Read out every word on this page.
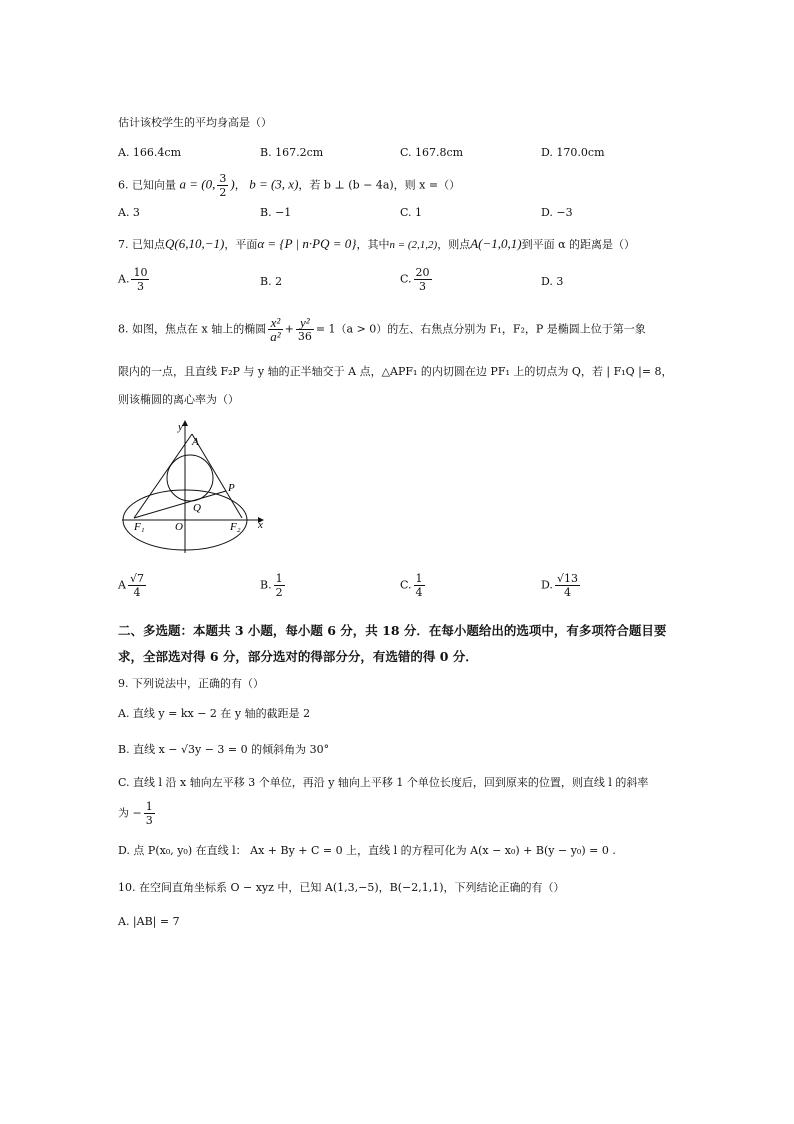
估计该校学生的平均身高是（）
A. 166.4cm	B. 167.2cm	C. 167.8cm	D. 170.0cm
6. 已知向量 a = (0, $\frac{3}{2}$ )， b = (3, x)，若 b ⊥ (b − 4a)，则 x =（）
A. 3	B. −1	C. 1	D. −3
7. 已知点Q(6,10,−1)，平面α = {P | n·PQ = 0}，其中n = (2,1,2)，则点A(−1,0,1)到平面 α 的距离是（）
A. $\frac{10}{3}$	B. 2	C. $\frac{20}{3}$	D. 3
8. 如图，焦点在 x 轴上的椭圆 $\frac{\text{x²}}{\text{a²}} + \frac{\text{y²}}{36} = 1(a > 0)$的左、右焦点分别为 F₁，F₂，P 是椭圆上位于第一象
限内的一点，且直线 F₂P 与 y 轴的正半轴交于 A 点，△APF₁ 的内切圆在边 PF₁ 上的切点为 Q，若 | F₁Q |= 8，
则该椭圆的离心率为（）
y
A
P
Q
F₁	O	F₂ x
A $\frac{√7}{4}$	B. $\frac{1}{2}$	C. $\frac{1}{4}$	D. $\frac{√13}{4}$
二、多选题：本题共 3 小题，每小题 6 分，共 18 分．在每小题给出的选项中，有多项符合题目要求，全部选对得 6 分，部分选对的得部分分，有选错的得 0 分．
9. 下列说法中，正确的有（）
A. 直线 y = kx − 2 在 y 轴的截距是 2
B. 直线 x − √3y − 3 = 0 的倾斜角为 30°
C. 直线 l 沿 x 轴向左平移 3 个单位，再沿 y 轴向上平移 1 个单位长度后，回到原来的位置，则直线 l 的斜率
为 − $\frac{1}{3}$
D. 点 P(x₀, y₀) 在直线 l： Ax + By + C = 0 上，直线 l 的方程可化为 A(x − x₀) + B(y − y₀) = 0 .
10. 在空间直角坐标系 O − xyz 中，已知 A(1,3,−5)，B(−2,1,1)，下列结论正确的有（）
A. |AB| = 7
